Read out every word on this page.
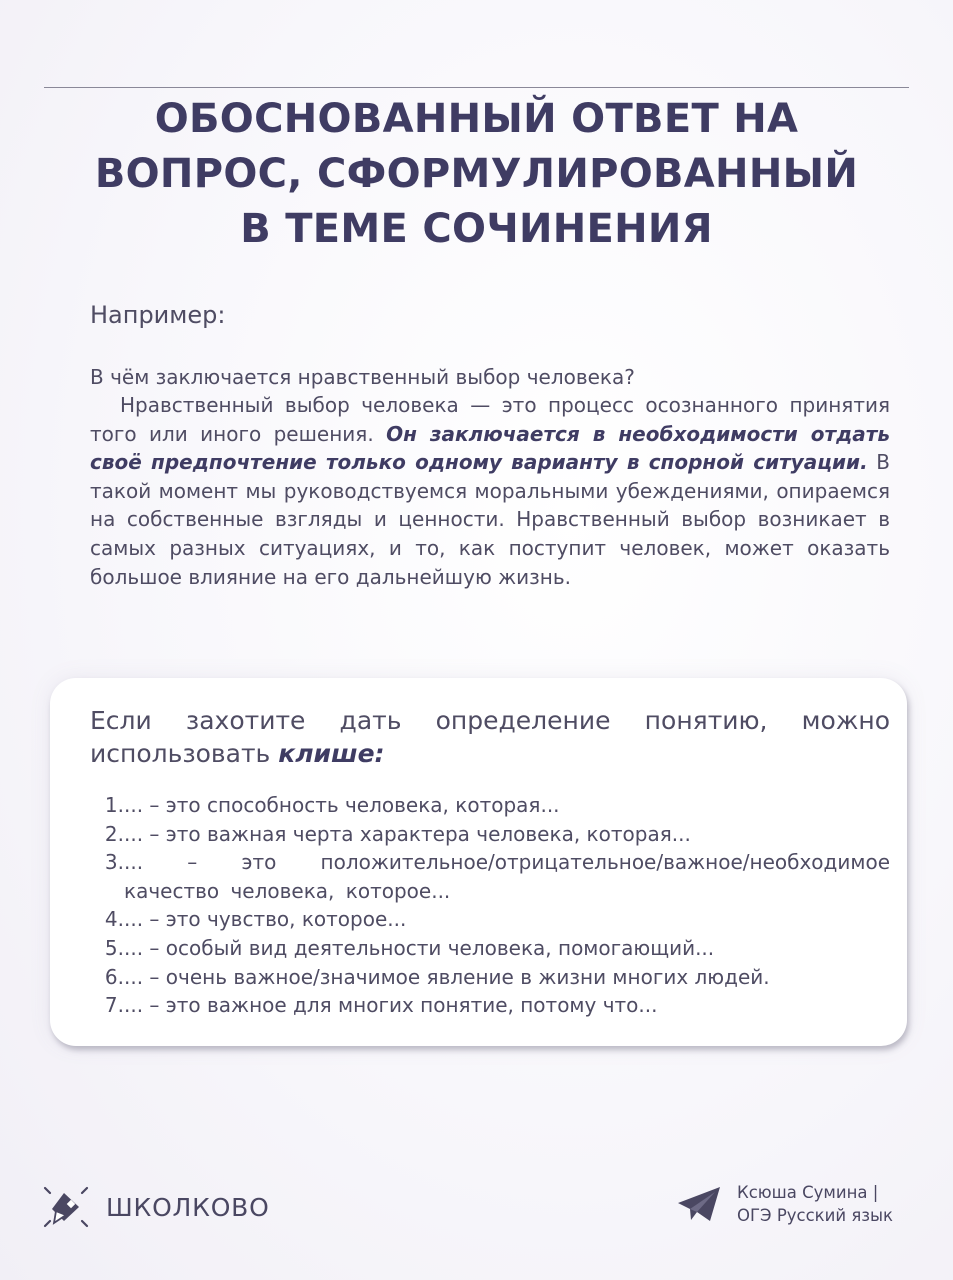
ОБОСНОВАННЫЙ ОТВЕТ НА
ВОПРОС, СФОРМУЛИРОВАННЫЙ
В ТЕМЕ СОЧИНЕНИЯ

Например:

В чём заключается нравственный выбор человека?

Нравственный выбор человека — это процесс осознанного принятия того или иного решения. Он заключается в необходимости отдать своё предпочтение только одному варианту в спорной ситуации. В такой момент мы руководствуемся моральными убеждениями, опираемся на собственные взгляды и ценности. Нравственный выбор возникает в самых разных ситуациях, и то, как поступит человек, может оказать большое влияние на его дальнейшую жизнь.

Если захотите дать определение понятию, можно использовать клише:

1. ... – это способность человека, которая...
2. ... – это важная черта характера человека, которая...
3. ... – это положительное/отрицательное/важное/необходимое качество человека, которое...
4. ... – это чувство, которое...
5. ... – особый вид деятельности человека, помогающий...
6. ... – очень важное/значимое явление в жизни многих людей.
7. ... – это важное для многих понятие, потому что...
ШКОЛКОВО
Ксюша Сумина |
ОГЭ Русский язык
